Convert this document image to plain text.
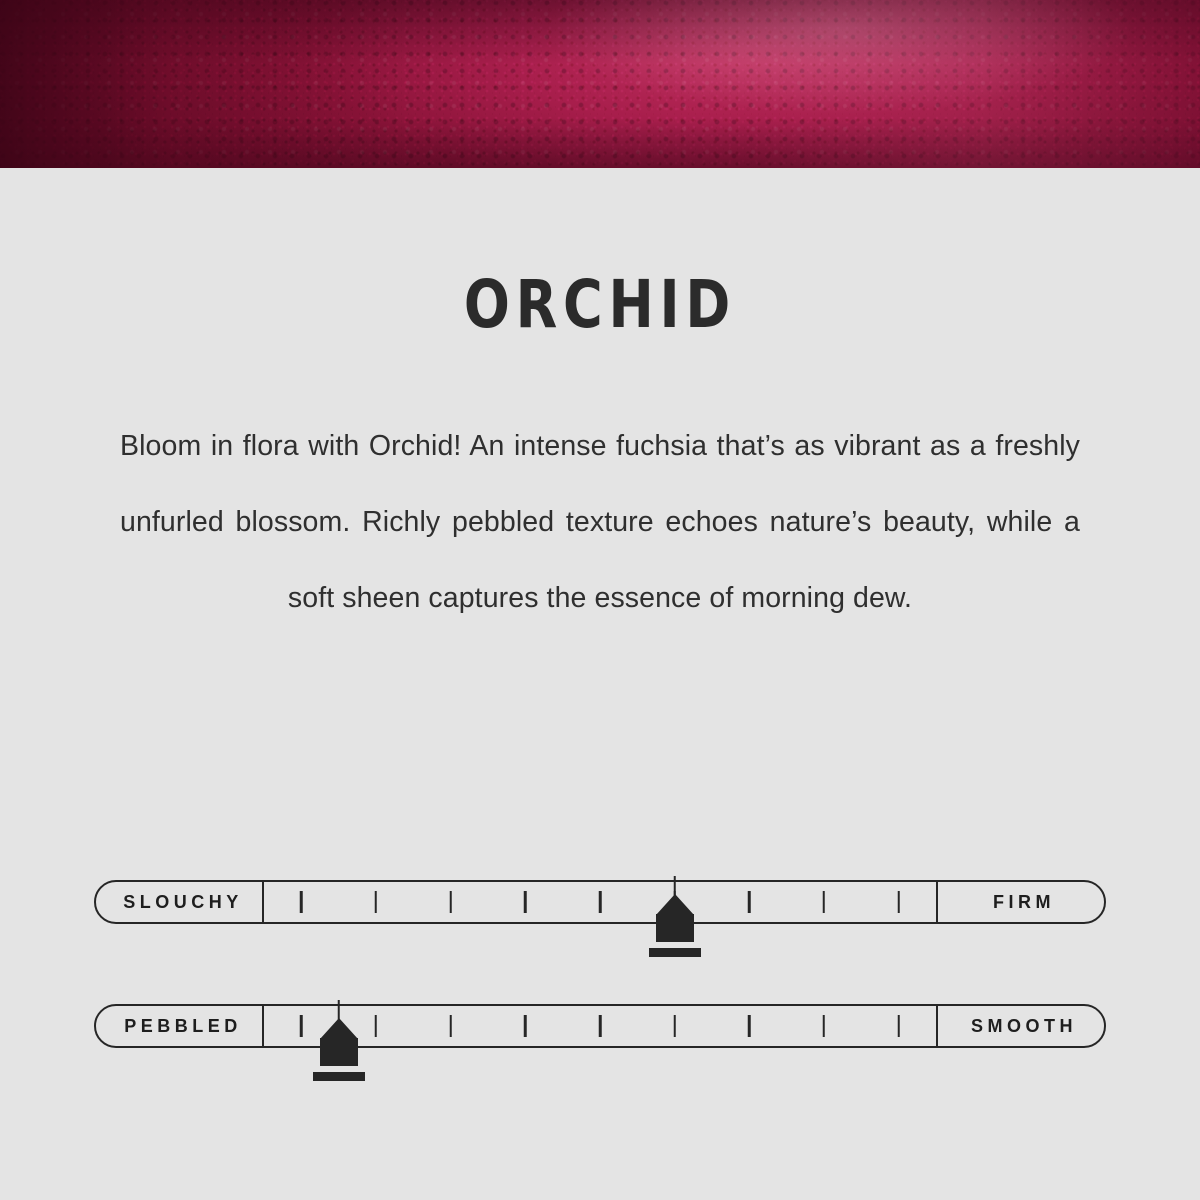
ORCHID

Bloom in flora with Orchid! An intense fuchsia that’s as vibrant as a freshly unfurled blossom. Richly pebbled texture echoes nature’s beauty, while a soft sheen captures the essence of morning dew.

SLOUCHY	FIRM
PEBBLED	SMOOTH
